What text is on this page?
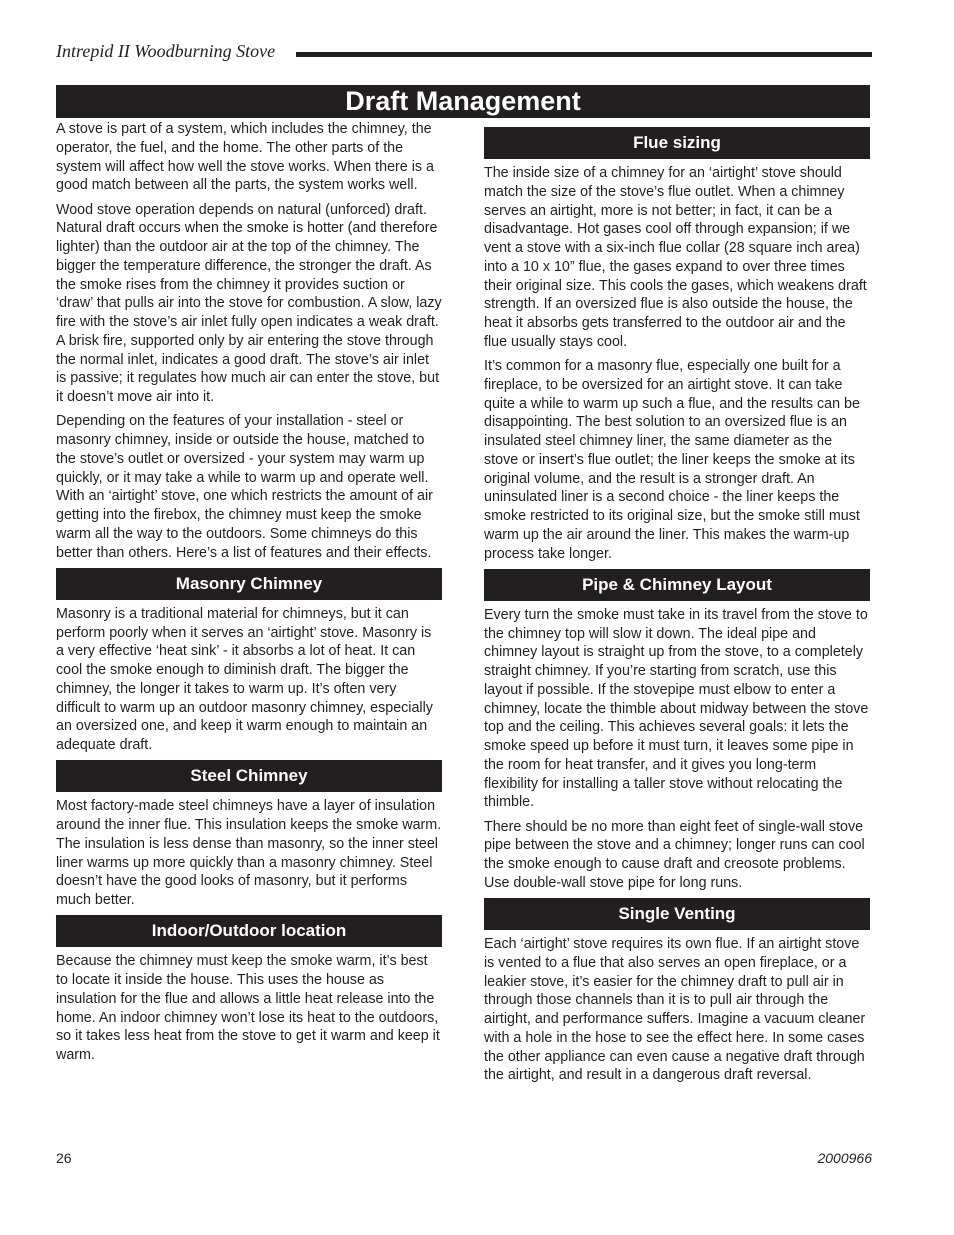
Intrepid II Woodburning Stove
Draft Management

A stove is part of a system, which includes the chimney, the operator, the fuel, and the home. The other parts of the system will affect how well the stove works. When there is a good match between all the parts, the system works well.

Wood stove operation depends on natural (unforced) draft. Natural draft occurs when the smoke is hotter (and therefore lighter) than the outdoor air at the top of the chimney. The bigger the temperature difference, the stronger the draft. As the smoke rises from the chimney it provides suction or ‘draw’ that pulls air into the stove for combustion. A slow, lazy fire with the stove’s air inlet fully open indicates a weak draft. A brisk fire, supported only by air entering the stove through the normal inlet, indicates a good draft. The stove’s air inlet is passive; it regulates how much air can enter the stove, but it doesn’t move air into it.

Depending on the features of your installation - steel or masonry chimney, inside or outside the house, matched to the stove’s outlet or oversized - your system may warm up quickly, or it may take a while to warm up and operate well. With an ‘airtight’ stove, one which restricts the amount of air getting into the firebox, the chimney must keep the smoke warm all the way to the outdoors. Some chimneys do this better than others. Here’s a list of features and their effects.

Masonry Chimney

Masonry is a traditional material for chimneys, but it can perform poorly when it serves an ‘airtight’ stove. Masonry is a very effective ‘heat sink’ - it absorbs a lot of heat. It can cool the smoke enough to diminish draft. The bigger the chimney, the longer it takes to warm up. It’s often very difficult to warm up an outdoor masonry chimney, especially an oversized one, and keep it warm enough to maintain an adequate draft.

Steel Chimney

Most factory-made steel chimneys have a layer of insulation around the inner flue. This insulation keeps the smoke warm. The insulation is less dense than masonry, so the inner steel liner warms up more quickly than a masonry chimney. Steel doesn’t have the good looks of masonry, but it performs much better.

Indoor/Outdoor location

Because the chimney must keep the smoke warm, it’s best to locate it inside the house. This uses the house as insulation for the flue and allows a little heat release into the home. An indoor chimney won’t lose its heat to the outdoors, so it takes less heat from the stove to get it warm and keep it warm.

Flue sizing

The inside size of a chimney for an ‘airtight’ stove should match the size of the stove’s flue outlet. When a chimney serves an airtight, more is not better; in fact, it can be a disadvantage. Hot gases cool off through expansion; if we vent a stove with a six-inch flue collar (28 square inch area) into a 10 x 10” flue, the gases expand to over three times their original size. This cools the gases, which weakens draft strength. If an oversized flue is also outside the house, the heat it absorbs gets transferred to the outdoor air and the flue usually stays cool.

It’s common for a masonry flue, especially one built for a fireplace, to be oversized for an airtight stove. It can take quite a while to warm up such a flue, and the results can be disappointing. The best solution to an oversized flue is an insulated steel chimney liner, the same diameter as the stove or insert’s flue outlet; the liner keeps the smoke at its original volume, and the result is a stronger draft. An uninsulated liner is a second choice - the liner keeps the smoke restricted to its original size, but the smoke still must warm up the air around the liner. This makes the warm-up process take longer.

Pipe & Chimney Layout

Every turn the smoke must take in its travel from the stove to the chimney top will slow it down. The ideal pipe and chimney layout is straight up from the stove, to a completely straight chimney. If you’re starting from scratch, use this layout if possible. If the stovepipe must elbow to enter a chimney, locate the thimble about midway between the stove top and the ceiling. This achieves several goals: it lets the smoke speed up before it must turn, it leaves some pipe in the room for heat transfer, and it gives you long-term flexibility for installing a taller stove without relocating the thimble.

There should be no more than eight feet of single-wall stove pipe between the stove and a chimney; longer runs can cool the smoke enough to cause draft and creosote problems. Use double-wall stove pipe for long runs.

Single Venting

Each ‘airtight’ stove requires its own flue. If an airtight stove is vented to a flue that also serves an open fireplace, or a leakier stove, it’s easier for the chimney draft to pull air in through those channels than it is to pull air through the airtight, and performance suffers. Imagine a vacuum cleaner with a hole in the hose to see the effect here. In some cases the other appliance can even cause a negative draft through the airtight, and result in a dangerous draft reversal.

26	2000966
